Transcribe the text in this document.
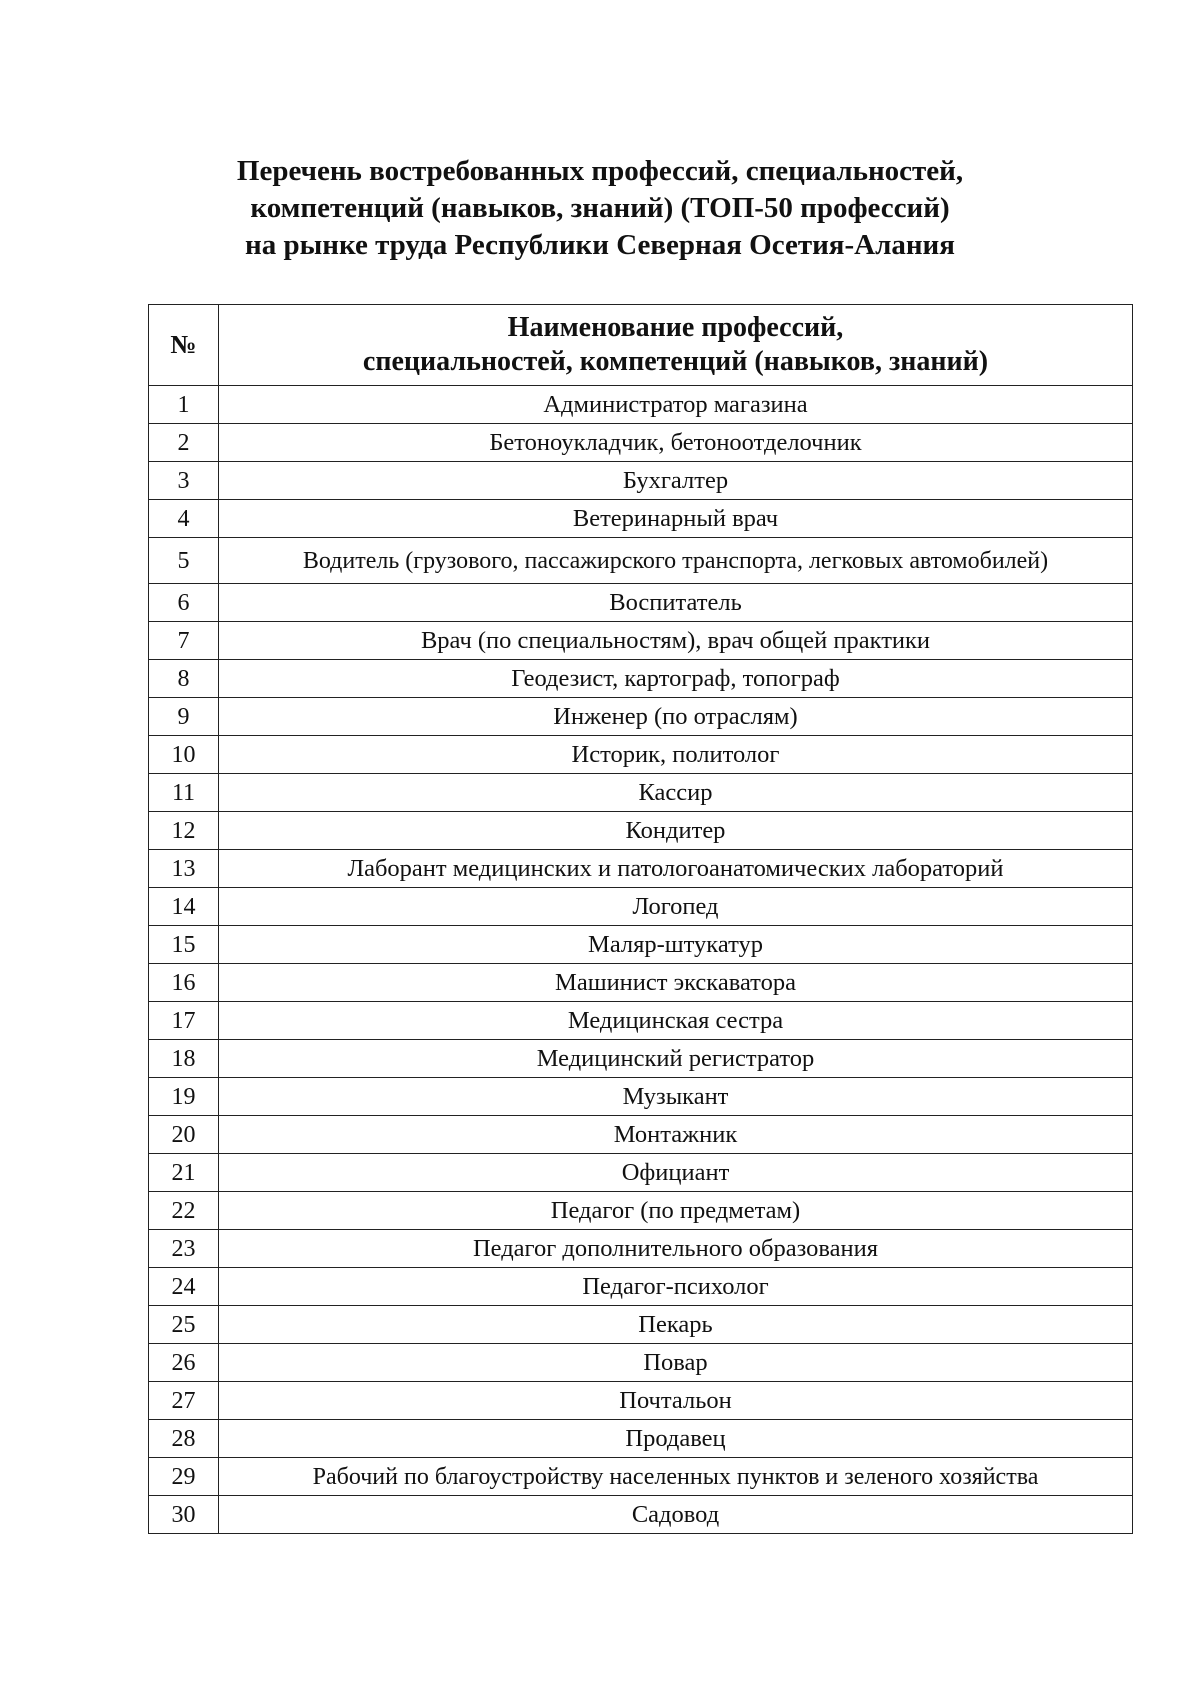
Перечень востребованных профессий, специальностей,
компетенций (навыков, знаний) (ТОП-50 профессий)
на рынке труда Республики Северная Осетия-Алания
№	Наименование профессий,
специальностей, компетенций (навыков, знаний)

1	Администратор магазина
2	Бетоноукладчик, бетоноотделочник
3	Бухгалтер
4	Ветеринарный врач
5	Водитель (грузового, пассажирского транспорта, легковых автомобилей)
6	Воспитатель
7	Врач (по специальностям), врач общей практики
8	Геодезист, картограф, топограф
9	Инженер (по отраслям)
10	Историк, политолог
11	Кассир
12	Кондитер
13	Лаборант медицинских и патологоанатомических лабораторий
14	Логопед
15	Маляр-штукатур
16	Машинист экскаватора
17	Медицинская сестра
18	Медицинский регистратор
19	Музыкант
20	Монтажник
21	Официант
22	Педагог (по предметам)
23	Педагог дополнительного образования
24	Педагог-психолог
25	Пекарь
26	Повар
27	Почтальон
28	Продавец
29	Рабочий по благоустройству населенных пунктов и зеленого хозяйства
30	Садовод
